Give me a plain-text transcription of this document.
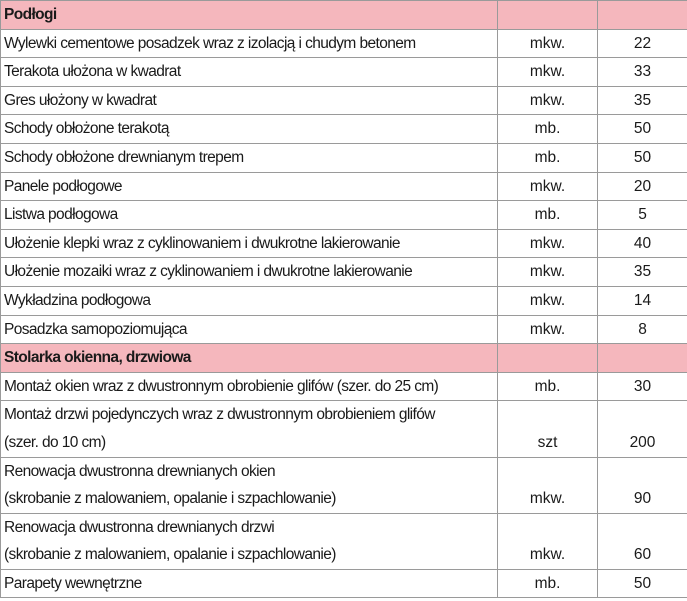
Podłogi		
Wylewki cementowe posadzek wraz z izolacją i chudym betonem	mkw.	22
Terakota ułożona w kwadrat	mkw.	33
Gres ułożony w kwadrat	mkw.	35
Schody obłożone terakotą	mb.	50
Schody obłożone drewnianym trepem	mb.	50
Panele podłogowe	mkw.	20
Listwa podłogowa	mb.	5
Ułożenie klepki wraz z cyklinowaniem i dwukrotne lakierowanie	mkw.	40
Ułożenie mozaiki wraz z cyklinowaniem i dwukrotne lakierowanie	mkw.	35
Wykładzina podłogowa	mkw.	14
Posadzka samopoziomująca	mkw.	8
Stolarka okienna, drzwiowa		
Montaż okien wraz z dwustronnym obrobienie glifów (szer. do 25 cm)	mb.	30
Montaż drzwi pojedynczych wraz z dwustronnym obrobieniem glifów		
(szer. do 10 cm)	szt	200
Renowacja dwustronna drewnianych okien		
(skrobanie z malowaniem, opalanie i szpachlowanie)	mkw.	90
Renowacja dwustronna drewnianych drzwi		
(skrobanie z malowaniem, opalanie i szpachlowanie)	mkw.	60
Parapety wewnętrzne	mb.	50
